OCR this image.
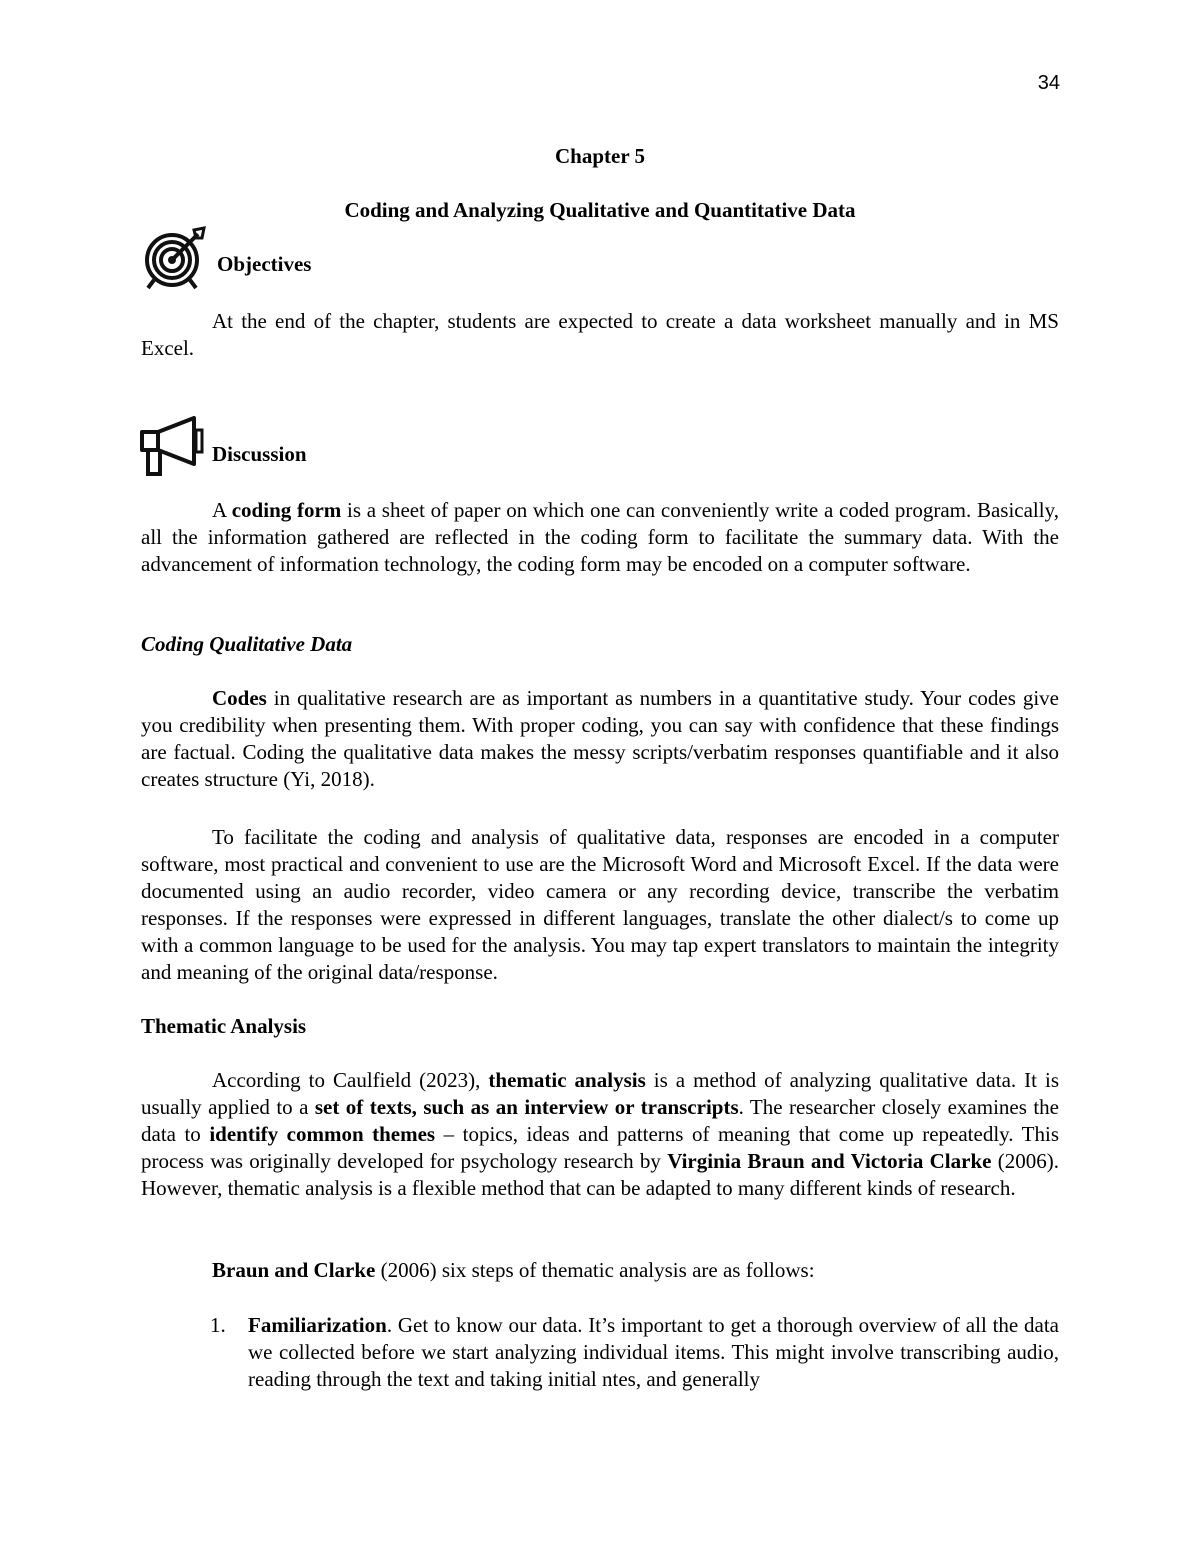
34
Chapter 5
Coding and Analyzing Qualitative and Quantitative Data
Objectives

At the end of the chapter, students are expected to create a data worksheet manually and in MS Excel.

Discussion

A coding form is a sheet of paper on which one can conveniently write a coded program. Basically, all the information gathered are reflected in the coding form to facilitate the summary data. With the advancement of information technology, the coding form may be encoded on a computer software.

Coding Qualitative Data

Codes in qualitative research are as important as numbers in a quantitative study. Your codes give you credibility when presenting them. With proper coding, you can say with confidence that these findings are factual. Coding the qualitative data makes the messy scripts/verbatim responses quantifiable and it also creates structure (Yi, 2018).

To facilitate the coding and analysis of qualitative data, responses are encoded in a computer software, most practical and convenient to use are the Microsoft Word and Microsoft Excel. If the data were documented using an audio recorder, video camera or any recording device, transcribe the verbatim responses. If the responses were expressed in different languages, translate the other dialect/s to come up with a common language to be used for the analysis. You may tap expert translators to maintain the integrity and meaning of the original data/response.

Thematic Analysis

According to Caulfield (2023), thematic analysis is a method of analyzing qualitative data. It is usually applied to a set of texts, such as an interview or transcripts. The researcher closely examines the data to identify common themes – topics, ideas and patterns of meaning that come up repeatedly. This process was originally developed for psychology research by Virginia Braun and Victoria Clarke (2006). However, thematic analysis is a flexible method that can be adapted to many different kinds of research.

Braun and Clarke (2006) six steps of thematic analysis are as follows:

1. Familiarization. Get to know our data. It’s important to get a thorough overview of all the data we collected before we start analyzing individual items. This might involve transcribing audio, reading through the text and taking initial ntes, and generally
